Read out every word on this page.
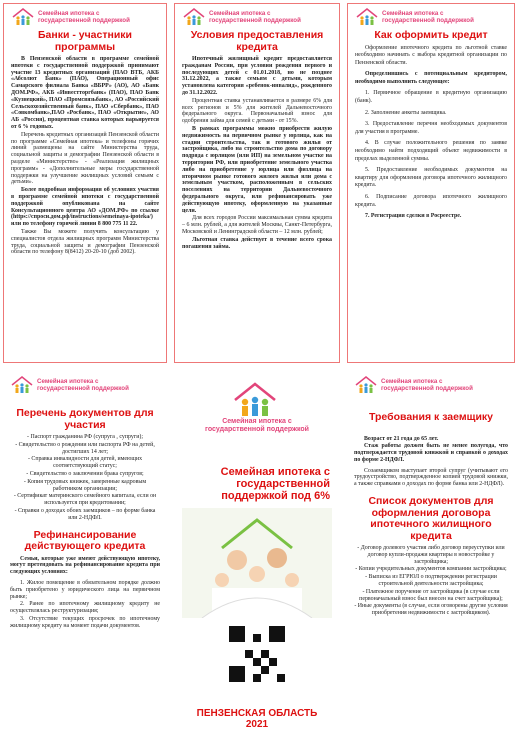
Семейная ипотека с
государственной поддержкой
Банки - участники программы

В Пензенской области в программе семейной ипотеки с государственной поддержкой принимают участие 13 кредитных организаций (ПАО ВТБ, АКБ «Абсолют Банк» (ПАО), Операционный офис Самарского филиала Банка «ВБРР» (АО), АО «Банк ДОМ.РФ», АКБ «Инвестторгбанк» (ПАО), ПАО Банк «Кузнецкий», ПАО «Промсвязьбанк», АО «Российский Сельскохозяйственный банк», ПАО «Сбербанк», ПАО «Совкомбанк»,ПАО «Росбанк», ПАО «Открытие», АО АБ «Россия), процентная ставка которых варьируется от 6 % годовых.

Перечень кредитных организаций Пензенской области по программе «Семейная ипотека» и телефоны горячих линий размещены на сайте Министерства труда, социальной защиты и демографии Пензенской области в разделе «Министерство» - «Реализация жилищных программ» - «Дополнительные меры государственной поддержки на улучшение жилищных условий семьям с детьми».

Более подробная информация об условиях участия в программе семейной ипотеки с государственной поддержкой опубликована на сайте Консультационного центра АО «ДОМ.РФ» по ссылке (https://спроси.дом.рф/instructions/semeinaya-ipoteka/) или по телефону горячей линии 8 800 775 11 22.

Также Вы можете получить консультацию у специалистов отдела жилищных программ Министерства труда, социальной защиты и демографии Пензенской области по телефону 8(8412) 20-20-10 (доб 2002).

Семейная ипотека с
государственной поддержкой
Условия предоставления кредита

Ипотечный жилищный кредит предоставляется гражданам России, при условии рождения первого и последующих детей с 01.01.2018, но не позднее 31.12.2022, а также семьям с детьми, которым установлена категория «ребенок-инвалид», рожденного до 31.12.2022.

Процентная ставка устанавливается в размере 6% для всех регионов и 5% для жителей Дальневосточного федерального округа. Первоначальный взнос для одобрения займа для семей с детьми - от 15%.

В рамках программы можно приобрести жилую недвижимость на первичном рынке у юрлица, как на стадии строительства, так и готового жилья от застройщика, либо на строительство дома по договору подряда с юрлицом (или ИП) на земельном участке на территории РФ, или приобретение земельного участка либо на приобретение у юрлица или физлица на вторичном рынке готового жилого жилья или дома с земельным участком, расположенным в сельских поселениях на территории Дальневосточного федерального округа, или рефинансировать уже действующую ипотеку, оформленную на указанные цели.

Для всех городов России максимальная сумма кредита – 6 млн. рублей, а для жителей Москвы, Санкт-Петербурга, Московской и Ленинградской области – 12 млн. рублей;

Льготная ставка действует в течение всего срока погашения займа.

Семейная ипотека с
государственной поддержкой
Как оформить кредит

Оформление ипотечного кредита по льготной ставке необходимо начинать с выбора кредитной организации по Пензенской области.

Определившись с потенциальным кредитором, необходимо выполнить следующее:

1. Первичное обращение в кредитную организацию (банк).

2. Заполнение анкеты заемщика.

3. Предоставление перечня необходимых документов для участия в программе.

4. В случае положительного решения по заявке необходимо найти подходящий объект недвижимости в пределах выделенной суммы.

5. Предоставление необходимых документов на квартиру для оформления договора ипотечного жилищного кредита.

6. Подписание договора ипотечного жилищного кредита.

7. Регистрация сделки в Росреестре.

Семейная ипотека с
государственной поддержкой
Перечень документов для участия

- Паспорт гражданина РФ (супруга , супруги);

- Свидетельство о рождении или паспорта РФ на детей, достигших 14 лет;

- Справка инвалидности для детей, имеющих соответствующий статус;

- Свидетельство о заключении брака супругов;

- Копия трудовых книжек, заверенные кадровым работником организации;

- Сертификат материнского семейного капитала, если он используется при кредитовании;

- Справки о доходах обоих заемщиков – по форме банка или 2-НДФЛ.

Рефинансирование действующего кредита

Семьи, которые уже имеют действующую ипотеку, могут претендовать на рефинансирование кредита при следующих условиях:

1. Жилое помещение в обязательном порядке должно быть приобретено у юридического лица на первичном рынке;

2. Ранее по ипотечному жилищному кредиту не осуществлялась реструктуризация;

3. Отсутствие текущих просрочек по ипотечному жилищному кредиту на момент подачи документов.

Семейная ипотека с
государственной поддержкой
Семейная ипотека с государственной поддержкой под 6%
ПЕНЗЕНСКАЯ ОБЛАСТЬ
2021
Семейная ипотека с
государственной поддержкой
Требования к заемщику

Возраст от 21 года до 65 лет.

Стаж работы должен быть не менее полугода, что подтверждается трудовой книжкой и справкой о доходах по форме 2-НДФЛ.

Созаемщиком выступает второй супруг (учитывают его трудоустройство, подтвержденное копией трудовой книжки, а также справками о доходах по форме банка или 2-НДФЛ).

Список документов для оформления договора ипотечного жилищного кредита

- Договор долевого участия либо договор переуступки или договор купли-продажи квартиры в новостройке у застройщика;

- Копии учредительных документов компании застройщика;

- Выписка из ЕГРЮЛ о подтверждении регистрации строительной деятельности застройщика;

- Платежное поручение от застройщика (в случае если первоначальный взнос был внесен на счет застройщика);

- Иные документы (в случае, если оговорены другие условия приобретения недвижимости с застройщиком).
